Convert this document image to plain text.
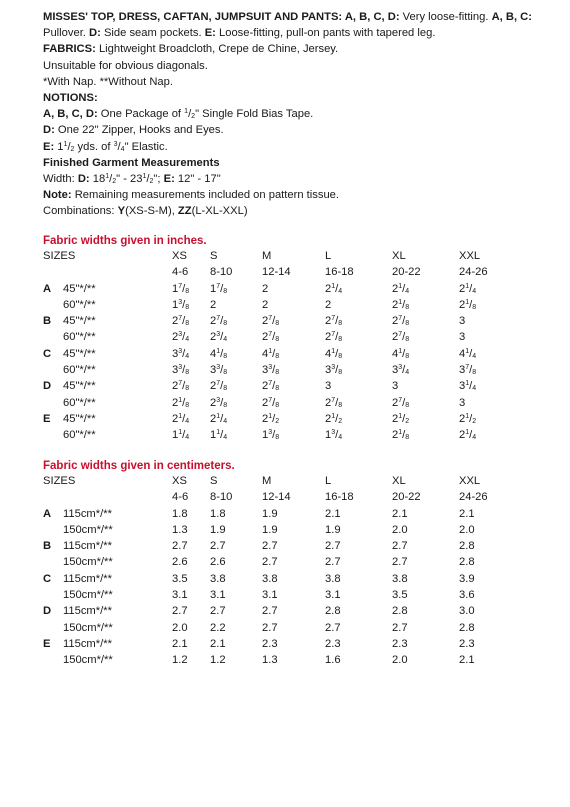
MISSES' TOP, DRESS, CAFTAN, JUMPSUIT AND PANTS: A, B, C, D: Very loose-fitting. A, B, C:
Pullover. D: Side seam pockets. E: Loose-fitting, pull-on pants with tapered leg.
FABRICS: Lightweight Broadcloth, Crepe de Chine, Jersey.
Unsuitable for obvious diagonals.
*With Nap. **Without Nap.
NOTIONS:
A, B, C, D: One Package of $^1/_2$" Single Fold Bias Tape.
D: One 22" Zipper, Hooks and Eyes.
E: $1^1/_2$ yds. of $^3/_4$" Elastic.
Finished Garment Measurements
Width: D: $18^1/_2$" - $23^1/_2$"; E: 12" - 17"
Note: Remaining measurements included on pattern tissue.
Combinations: Y(XS-S-M), ZZ(L-XL-XXL)
Fabric widths given in inches.
SIZES	XS S	M	L	XL	XXL
4-6 8-10	12-14	16-18	20-22	24-26
A 45"*/**	$1^7/_8$ $1^7/_8$	2	$2^1/_4$	$2^1/_4$	$2^1/_4$
60"*/**	$1^3/_8$ 2	2	2	$2^1/_8$	$2^1/_8$
B 45"*/**	$2^7/_8$ $2^7/_8$	$2^7/_8$	$2^7/_8$	$2^7/_8$	3
60"*/**	$2^3/_4$ $2^3/_4$	$2^7/_8$	$2^7/_8$	$2^7/_8$	3
C 45"*/**	$3^3/_4$ $4^1/_8$	$4^1/_8$	$4^1/_8$	$4^1/_8$	$4^1/_4$
60"*/**	$3^3/_8$ $3^3/_8$	$3^3/_8$	$3^3/_8$	$3^3/_4$	$3^7/_8$
D 45"*/**	$2^7/_8$ $2^7/_8$	$2^7/_8$	3	3	$3^1/_4$
60"*/**	$2^1/_8$ $2^3/_8$	$2^7/_8$	$2^7/_8$	$2^7/_8$	3
E 45"*/**	$2^1/_4$ $2^1/_4$	$2^1/_2$	$2^1/_2$	$2^1/_2$	$2^1/_2$
60"*/**	$1^1/_4$ $1^1/_4$	$1^3/_8$	$1^3/_4$	$2^1/_8$	$2^1/_4$
Fabric widths given in centimeters.
SIZES	XS S	M	L	XL	XXL
4-6 8-10	12-14	16-18	20-22	24-26
A 115cm*/**	1.8 1.8	1.9	2.1	2.1	2.1
150cm*/**	1.3 1.9	1.9	1.9	2.0	2.0
B 115cm*/**	2.7 2.7	2.7	2.7	2.7	2.8
150cm*/**	2.6 2.6	2.7	2.7	2.7	2.8
C 115cm*/**	3.5 3.8	3.8	3.8	3.8	3.9
150cm*/**	3.1 3.1	3.1	3.1	3.5	3.6
D 115cm*/**	2.7 2.7	2.7	2.8	2.8	3.0
150cm*/**	2.0 2.2	2.7	2.7	2.7	2.8
E 115cm*/**	2.1 2.1	2.3	2.3	2.3	2.3
150cm*/**	1.2 1.2	1.3	1.6	2.0	2.1
